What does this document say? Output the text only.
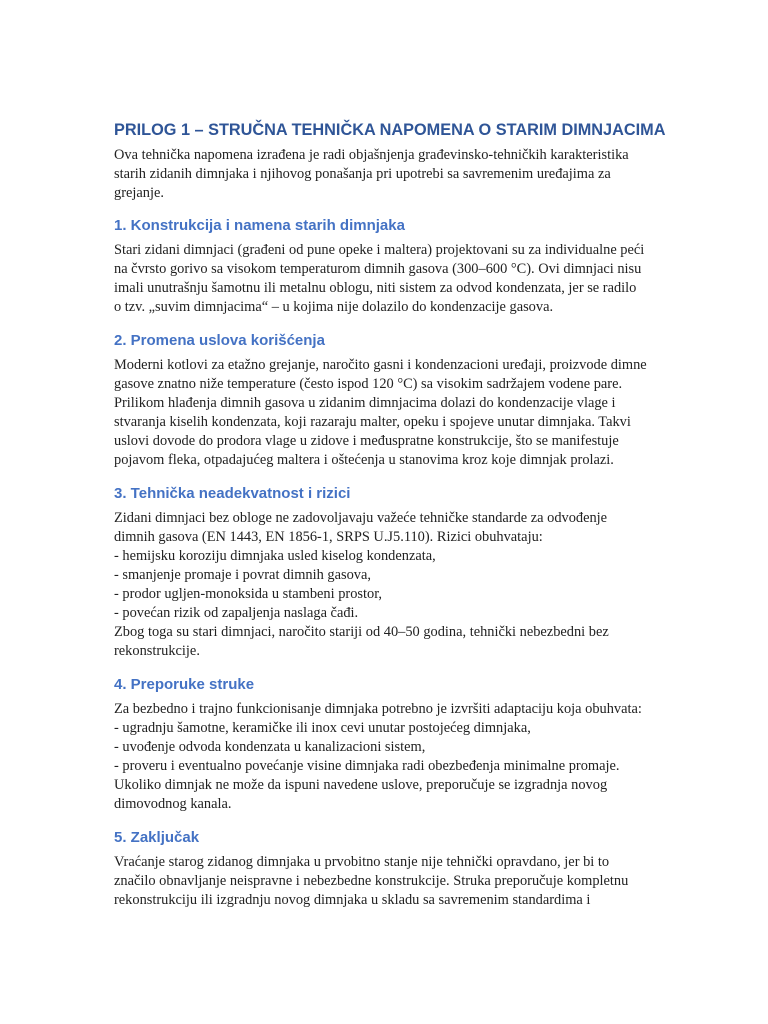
PRILOG 1 – STRUČNA TEHNIČKA NAPOMENA O STARIM DIMNJACIMA

Ova tehnička napomena izrađena je radi objašnjenja građevinsko-tehničkih karakteristika
starih zidanih dimnjaka i njihovog ponašanja pri upotrebi sa savremenim uređajima za
grejanje.

1. Konstrukcija i namena starih dimnjaka

Stari zidani dimnjaci (građeni od pune opeke i maltera) projektovani su za individualne peći
na čvrsto gorivo sa visokom temperaturom dimnih gasova (300–600 °C). Ovi dimnjaci nisu
imali unutrašnju šamotnu ili metalnu oblogu, niti sistem za odvod kondenzata, jer se radilo
o tzv. „suvim dimnjacima“ – u kojima nije dolazilo do kondenzacije gasova.

2. Promena uslova korišćenja

Moderni kotlovi za etažno grejanje, naročito gasni i kondenzacioni uređaji, proizvode dimne
gasove znatno niže temperature (često ispod 120 °C) sa visokim sadržajem vodene pare.
Prilikom hlađenja dimnih gasova u zidanim dimnjacima dolazi do kondenzacije vlage i
stvaranja kiselih kondenzata, koji razaraju malter, opeku i spojeve unutar dimnjaka. Takvi
uslovi dovode do prodora vlage u zidove i međuspratne konstrukcije, što se manifestuje
pojavom fleka, otpadajućeg maltera i oštećenja u stanovima kroz koje dimnjak prolazi.

3. Tehnička neadekvatnost i rizici

Zidani dimnjaci bez obloge ne zadovoljavaju važeće tehničke standarde za odvođenje
dimnih gasova (EN 1443, EN 1856-1, SRPS U.J5.110). Rizici obuhvataju:
- hemijsku koroziju dimnjaka usled kiselog kondenzata,
- smanjenje promaje i povrat dimnih gasova,
- prodor ugljen-monoksida u stambeni prostor,
- povećan rizik od zapaljenja naslaga čađi.
Zbog toga su stari dimnjaci, naročito stariji od 40–50 godina, tehnički nebezbedni bez
rekonstrukcije.

4. Preporuke struke

Za bezbedno i trajno funkcionisanje dimnjaka potrebno je izvršiti adaptaciju koja obuhvata:
- ugradnju šamotne, keramičke ili inox cevi unutar postojećeg dimnjaka,
- uvođenje odvoda kondenzata u kanalizacioni sistem,
- proveru i eventualno povećanje visine dimnjaka radi obezbeđenja minimalne promaje.
Ukoliko dimnjak ne može da ispuni navedene uslove, preporučuje se izgradnja novog
dimovodnog kanala.

5. Zaključak

Vraćanje starog zidanog dimnjaka u prvobitno stanje nije tehnički opravdano, jer bi to
značilo obnavljanje neispravne i nebezbedne konstrukcije. Struka preporučuje kompletnu
rekonstrukciju ili izgradnju novog dimnjaka u skladu sa savremenim standardima i
